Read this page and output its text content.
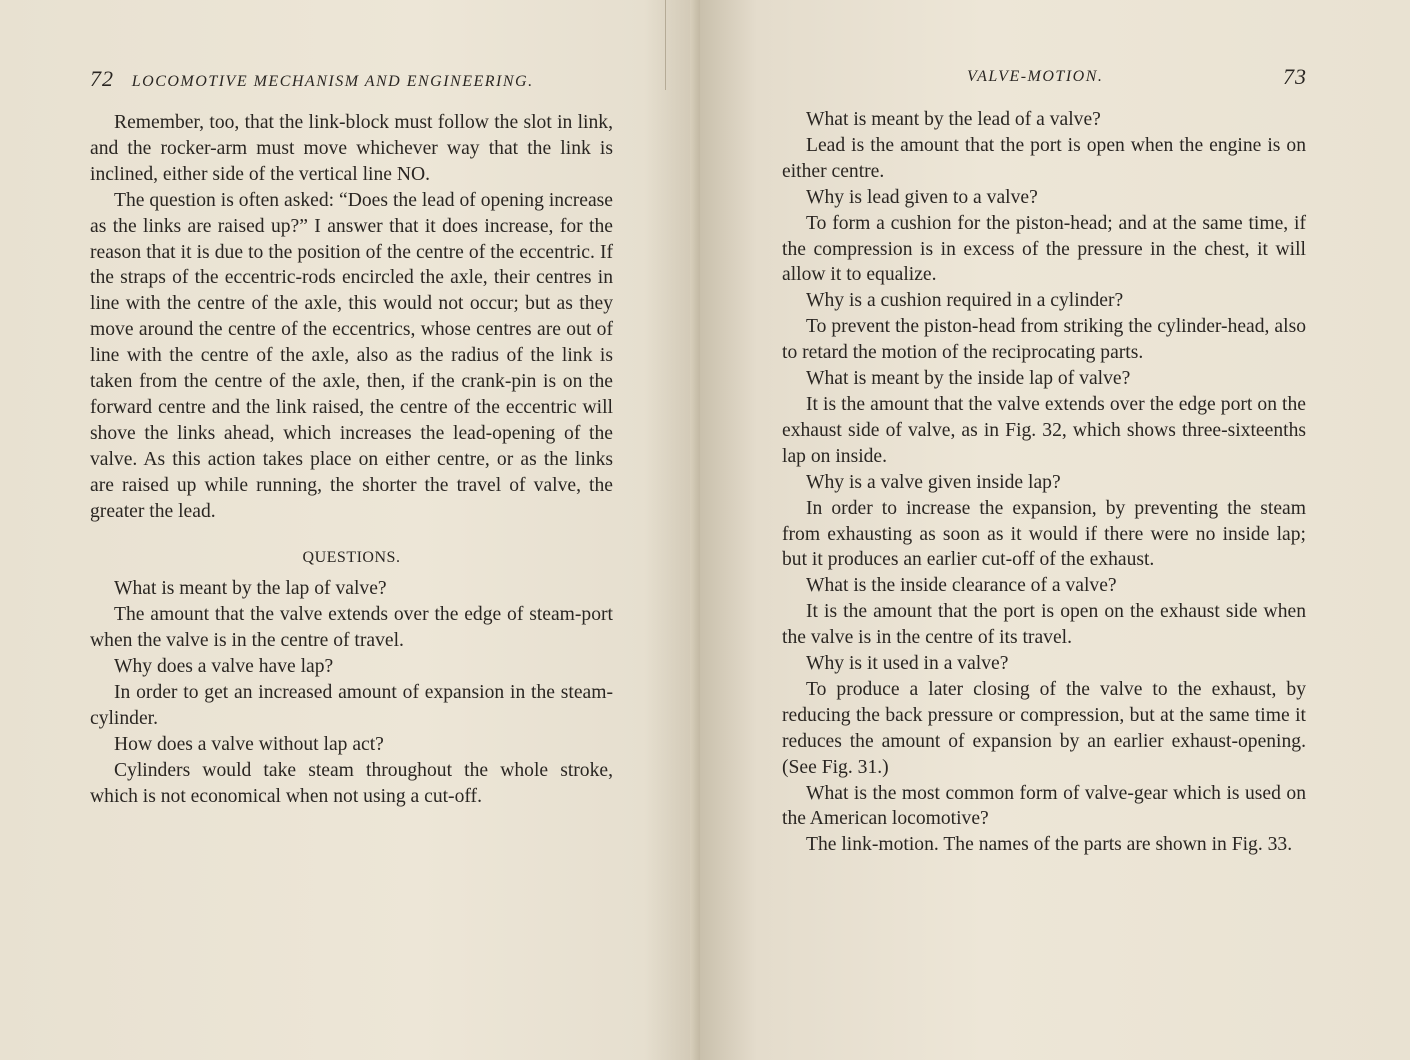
72 LOCOMOTIVE MECHANISM AND ENGINEERING.

Remember, too, that the link-block must follow the slot in link, and the rocker-arm must move whichever way that the link is inclined, either side of the vertical line NO.

The question is often asked: “Does the lead of opening increase as the links are raised up?” I answer that it does increase, for the reason that it is due to the position of the centre of the eccentric. If the straps of the eccentric-rods encircled the axle, their centres in line with the centre of the axle, this would not occur; but as they move around the centre of the eccentrics, whose centres are out of line with the centre of the axle, also as the radius of the link is taken from the centre of the axle, then, if the crank-pin is on the forward centre and the link raised, the centre of the eccentric will shove the links ahead, which increases the lead-opening of the valve. As this action takes place on either centre, or as the links are raised up while running, the shorter the travel of valve, the greater the lead.

QUESTIONS.

What is meant by the lap of valve?

The amount that the valve extends over the edge of steam-port when the valve is in the centre of travel.

Why does a valve have lap?

In order to get an increased amount of expansion in the steam-cylinder.

How does a valve without lap act?

Cylinders would take steam throughout the whole stroke, which is not economical when not using a cut-off.

VALVE-MOTION.	73

What is meant by the lead of a valve?

Lead is the amount that the port is open when the engine is on either centre.

Why is lead given to a valve?

To form a cushion for the piston-head; and at the same time, if the compression is in excess of the pressure in the chest, it will allow it to equalize.

Why is a cushion required in a cylinder?

To prevent the piston-head from striking the cylinder-head, also to retard the motion of the reciprocating parts.

What is meant by the inside lap of valve?

It is the amount that the valve extends over the edge port on the exhaust side of valve, as in Fig. 32, which shows three-sixteenths lap on inside.

Why is a valve given inside lap?

In order to increase the expansion, by preventing the steam from exhausting as soon as it would if there were no inside lap; but it produces an earlier cut-off of the exhaust.

What is the inside clearance of a valve?

It is the amount that the port is open on the exhaust side when the valve is in the centre of its travel.

Why is it used in a valve?

To produce a later closing of the valve to the exhaust, by reducing the back pressure or compression, but at the same time it reduces the amount of expansion by an earlier exhaust-opening. (See Fig. 31.)

What is the most common form of valve-gear which is used on the American locomotive?

The link-motion. The names of the parts are shown in Fig. 33.
